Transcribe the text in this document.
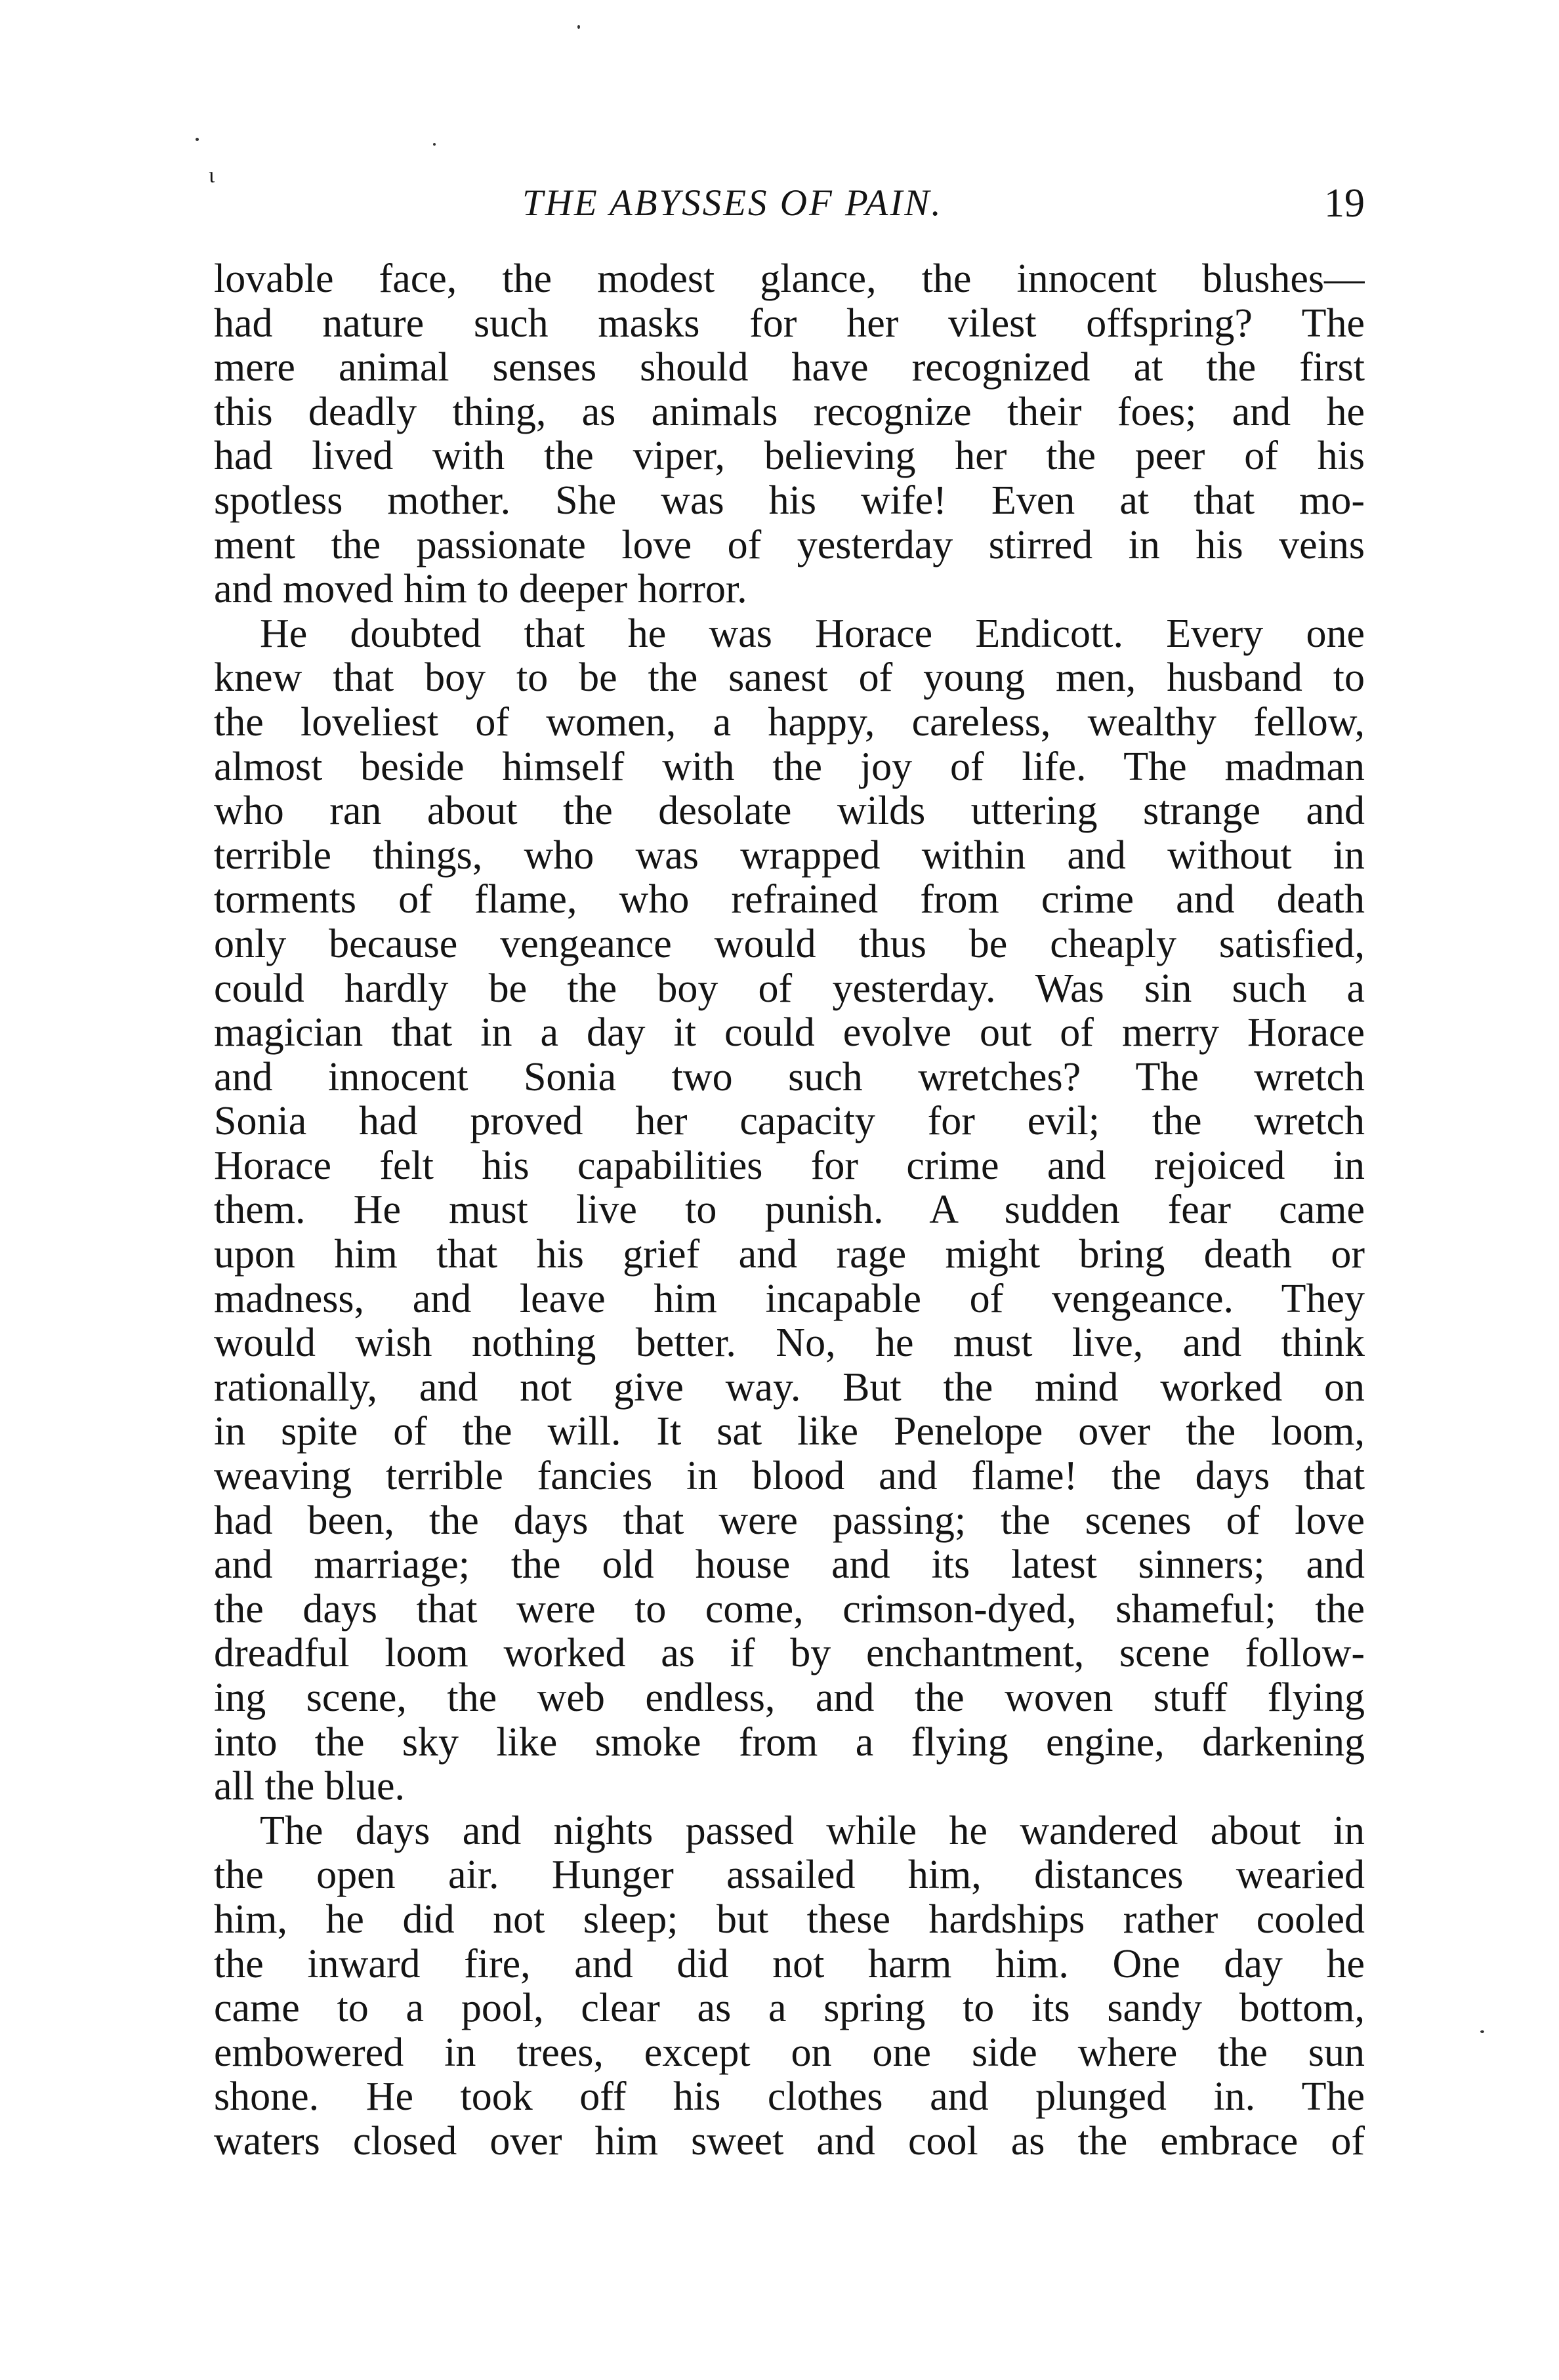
ɩ
THE ABYSSES OF PAIN.	19
lovable face, the modest glance, the innocent blushes—
had nature such masks for her vilest offspring? The
mere animal senses should have recognized at the first
this deadly thing, as animals recognize their foes; and he
had lived with the viper, believing her the peer of his
spotless mother. She was his wife! Even at that mo-
ment the passionate love of yesterday stirred in his veins
and moved him to deeper horror.
He doubted that he was Horace Endicott. Every one
knew that boy to be the sanest of young men, husband to
the loveliest of women, a happy, careless, wealthy fellow,
almost beside himself with the joy of life. The madman
who ran about the desolate wilds uttering strange and
terrible things, who was wrapped within and without in
torments of flame, who refrained from crime and death
only because vengeance would thus be cheaply satisfied,
could hardly be the boy of yesterday. Was sin such a
magician that in a day it could evolve out of merry Horace
and innocent Sonia two such wretches? The wretch
Sonia had proved her capacity for evil; the wretch
Horace felt his capabilities for crime and rejoiced in
them. He must live to punish. A sudden fear came
upon him that his grief and rage might bring death or
madness, and leave him incapable of vengeance. They
would wish nothing better. No, he must live, and think
rationally, and not give way. But the mind worked on
in spite of the will. It sat like Penelope over the loom,
weaving terrible fancies in blood and flame! the days that
had been, the days that were passing; the scenes of love
and marriage; the old house and its latest sinners; and
the days that were to come, crimson-dyed, shameful; the
dreadful loom worked as if by enchantment, scene follow-
ing scene, the web endless, and the woven stuff flying
into the sky like smoke from a flying engine, darkening
all the blue.
The days and nights passed while he wandered about in
the open air. Hunger assailed him, distances wearied
him, he did not sleep; but these hardships rather cooled
the inward fire, and did not harm him. One day he
came to a pool, clear as a spring to its sandy bottom,
embowered in trees, except on one side where the sun
shone. He took off his clothes and plunged in. The
waters closed over him sweet and cool as the embrace of
